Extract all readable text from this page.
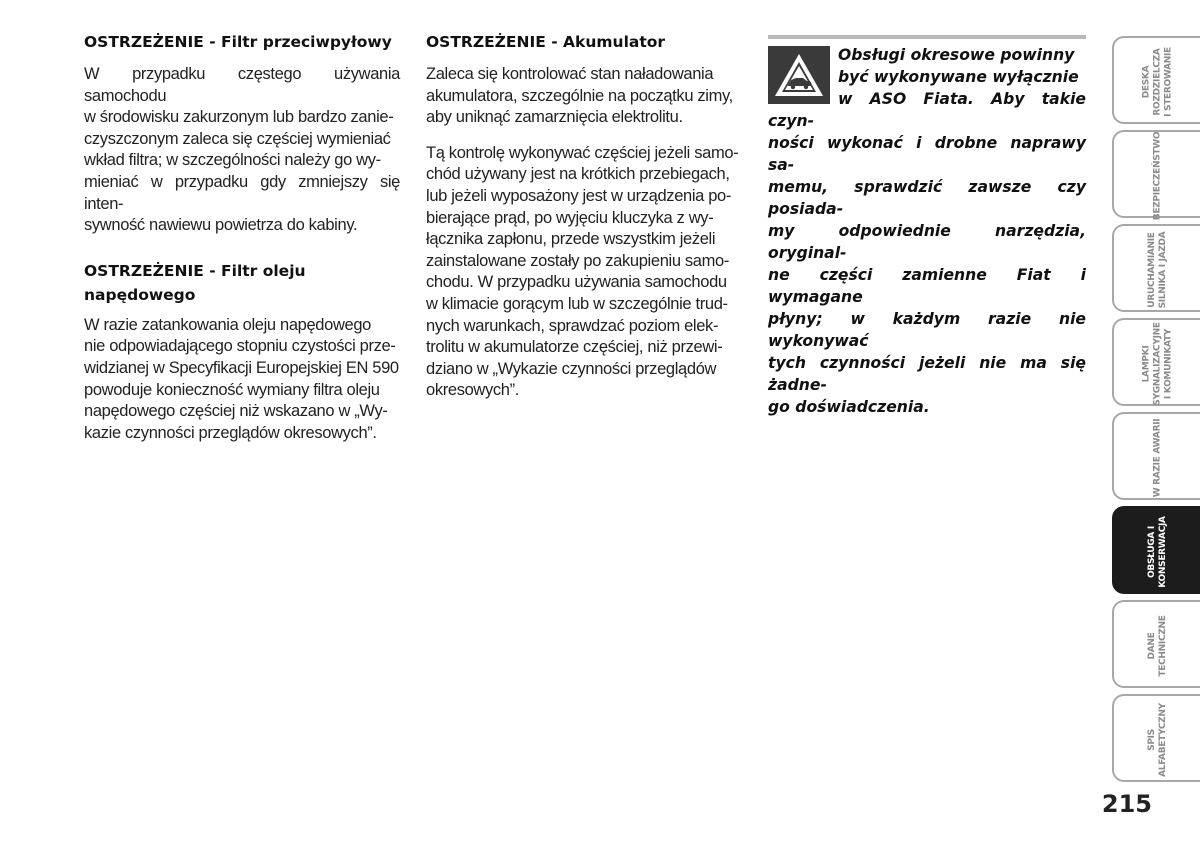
OSTRZEŻENIE - Filtr przeciwpyłowy

W przypadku częstego używania samochodu
w środowisku zakurzonym lub bardzo zanie-
czyszczonym zaleca się częściej wymieniać
wkład filtra; w szczególności należy go wy-
mieniać w przypadku gdy zmniejszy się inten-
sywność nawiewu powietrza do kabiny.

OSTRZEŻENIE - Filtr oleju
napędowego

W razie zatankowania oleju napędowego
nie odpowiadającego stopniu czystości prze-
widzianej w Specyfikacji Europejskiej EN 590
powoduje konieczność wymiany filtra oleju
napędowego częściej niż wskazano w „Wy-
kazie czynności przeglądów okresowych”.

OSTRZEŻENIE - Akumulator

Zaleca się kontrolować stan naładowania
akumulatora, szczególnie na początku zimy,
aby uniknąć zamarznięcia elektrolitu.

Tą kontrolę wykonywać częściej jeżeli samo-
chód używany jest na krótkich przebiegach,
lub jeżeli wyposażony jest w urządzenia po-
bierające prąd, po wyjęciu kluczyka z wy-
łącznika zapłonu, przede wszystkim jeżeli
zainstalowane zostały po zakupieniu samo-
chodu. W przypadku używania samochodu
w klimacie gorącym lub w szczególnie trud-
nych warunkach, sprawdzać poziom elek-
trolitu w akumulatorze częściej, niż przewi-
dziano w „Wykazie czynności przeglądów
okresowych”.

Obsługi okresowe powinny
być wykonywane wyłącznie
w ASO Fiata. Aby takie czyn-
ności wykonać i drobne naprawy sa-
memu, sprawdzić zawsze czy posiada-
my odpowiednie narzędzia, oryginal-
ne części zamienne Fiat i wymagane
płyny; w każdym razie nie wykonywać
tych czynności jeżeli nie ma się żadne-
go doświadczenia.
DESKA
ROZDZIELCZA
I STEROWANIE
BEZPIECZEŃSTWO
URUCHAMIANIE
SILNIKA I JAZDA
LAMPKI
SYGNALIZACYJNE
I KOMUNIKATY
W RAZIE AWARII
OBSŁUGA I
KONSERWACJA
DANE
TECHNICZNE
SPIS
ALFABETYCZNY
215
